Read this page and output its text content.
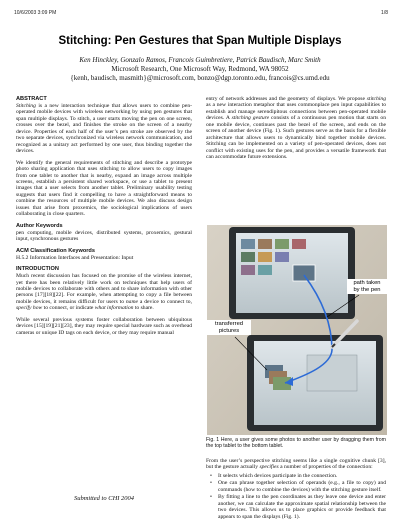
10/6/2003 3:09 PM	1/8
Stitching: Pen Gestures that Span Multiple Displays
Ken Hinckley, Gonzalo Ramos, Francois Guimbretiere, Patrick Baudisch, Marc Smith
Microsoft Research, One Microsoft Way, Redmond, WA 98052
{kenh, baudisch, masmith}@microsoft.com, bonzo@dgp.toronto.edu, francois@cs.umd.edu
ABSTRACT

Stitching is a new interaction technique that allows users to combine pen-operated mobile devices with wireless networking by using pen gestures that span multiple displays. To stitch, a user starts moving the pen on one screen, crosses over the bezel, and finishes the stroke on the screen of a nearby device. Properties of each half of the user’s pen stroke are observed by the two separate devices, synchronized via wireless network communication, and recognized as a unitary act performed by one user, thus binding together the devices.

We identify the general requirements of stitching and describe a prototype photo sharing application that uses stitching to allow users to copy images from one tablet to another that is nearby, expand an image across multiple screens, establish a persistent shared workspace, or use a tablet to present images that a user selects from another tablet. Preliminary usability testing suggests that users find it compelling to have a straightforward means to combine the resources of multiple mobile devices. We also discuss design issues that arise from proxemics, the sociological implications of users collaborating in close quarters.

Author Keywords

pen computing, mobile devices, distributed systems, proxemics, gestural input, synchronous gestures

ACM Classification Keywords

H.5.2 Information Interfaces and Presentation: Input

INTRODUCTION

Much recent discussion has focused on the promise of the wireless internet, yet there has been relatively little work on techniques that help users of mobile devices to collaborate with others and to share information with other persons [17][18][22]. For example, when attempting to copy a file between mobile devices, it remains difficult for users to name a device to connect to, specify how to connect, or indicate what information to share.

While several previous systems foster collaboration between ubiquitous devices [15][19][21][23], they may require special hardware such as overhead cameras or unique ID tags on each device, or they may require manual

Submitted to CHI 2004

entry of network addresses and the geometry of displays. We propose stitching as a new interaction metaphor that uses commonplace pen input capabilities to establish and manage serendipitous connections between pen-operated mobile devices. A stitching gesture consists of a continuous pen motion that starts on one mobile device, continues past the bezel of the screen, and ends on the screen of another device (Fig. 1). Such gestures serve as the basis for a flexible architecture that allows users to dynamically bind together mobile devices. Stitching can be implemented on a variety of pen-operated devices, does not conflict with existing uses for the pen, and provides a versatile framework that can accommodate future extensions.

path taken
by the pen
transferred
pictures
Fig. 1 Here, a user gives some photos to another user by dragging them from the top tablet to the bottom tablet.

From the user’s perspective stitching seems like a single cognitive chunk [3], but the gesture actually specifies a number of properties of the connection:

• It selects which devices participate in the connection.
• One can phrase together selection of operands (e.g., a file to copy) and commands (how to combine the devices) with the stitching gesture itself.
• By fitting a line to the pen coordinates as they leave one device and enter another, we can calculate the approximate spatial relationship between the two devices. This allows us to place graphics or provide feedback that appears to span the displays (Fig. 1).
